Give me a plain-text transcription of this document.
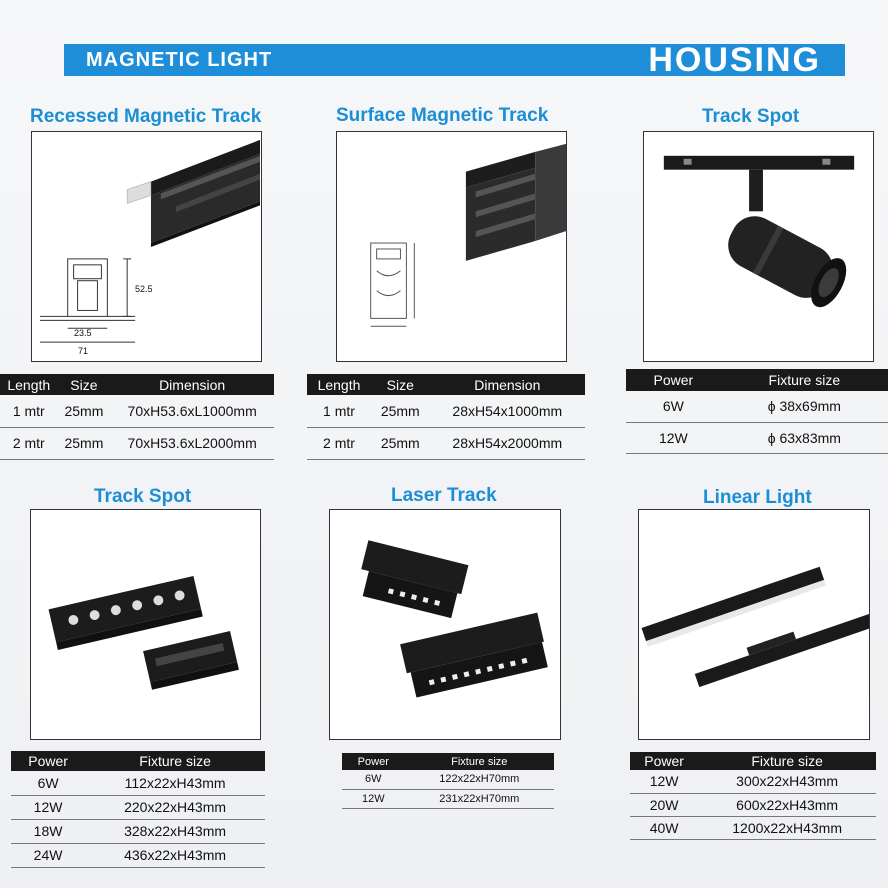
MAGNETIC LIGHT	HOUSING
Recessed Magnetic Track
52.5
23.5
71
Length	Size	Dimension
1 mtr	25mm	70xH53.6xL1000mm
2 mtr	25mm	70xH53.6xL2000mm
Surface Magnetic Track
Length	Size	Dimension
1 mtr	25mm	28xH54x1000mm
2 mtr	25mm	28xH54x2000mm
Track Spot
Power	Fixture size
6W	ϕ 38x69mm
12W	ϕ 63x83mm
Track Spot
Power	Fixture size
6W	112x22xH43mm
12W	220x22xH43mm
18W	328x22xH43mm
24W	436x22xH43mm
Laser Track
Power	Fixture size
6W	122x22xH70mm
12W	231x22xH70mm
Linear Light
Power	Fixture size
12W	300x22xH43mm
20W	600x22xH43mm
40W	1200x22xH43mm
